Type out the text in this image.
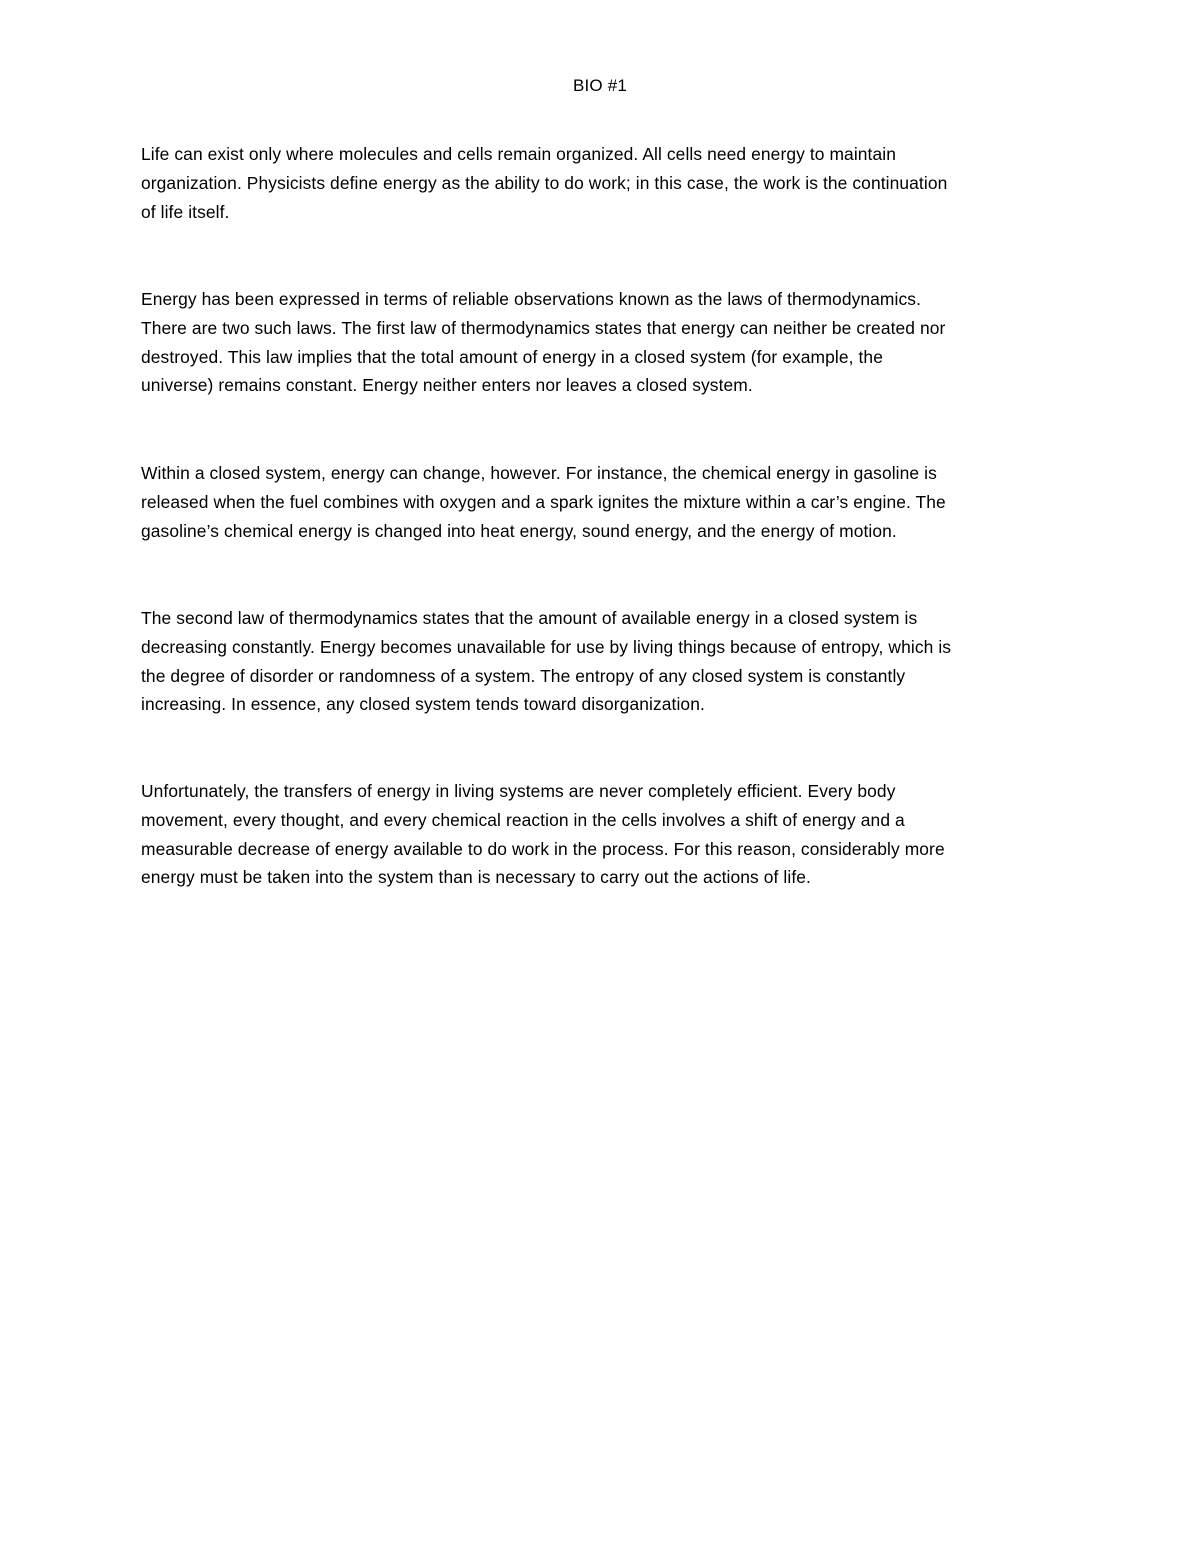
BIO #1

Life can exist only where molecules and cells remain organized. All cells need energy to maintain
organization. Physicists define energy as the ability to do work; in this case, the work is the continuation
of life itself.

Energy has been expressed in terms of reliable observations known as the laws of thermodynamics.
There are two such laws. The first law of thermodynamics states that energy can neither be created nor
destroyed. This law implies that the total amount of energy in a closed system (for example, the
universe) remains constant. Energy neither enters nor leaves a closed system.

Within a closed system, energy can change, however. For instance, the chemical energy in gasoline is
released when the fuel combines with oxygen and a spark ignites the mixture within a car’s engine. The
gasoline’s chemical energy is changed into heat energy, sound energy, and the energy of motion.

The second law of thermodynamics states that the amount of available energy in a closed system is
decreasing constantly. Energy becomes unavailable for use by living things because of entropy, which is
the degree of disorder or randomness of a system. The entropy of any closed system is constantly
increasing. In essence, any closed system tends toward disorganization.

Unfortunately, the transfers of energy in living systems are never completely efficient. Every body
movement, every thought, and every chemical reaction in the cells involves a shift of energy and a
measurable decrease of energy available to do work in the process. For this reason, considerably more
energy must be taken into the system than is necessary to carry out the actions of life.
